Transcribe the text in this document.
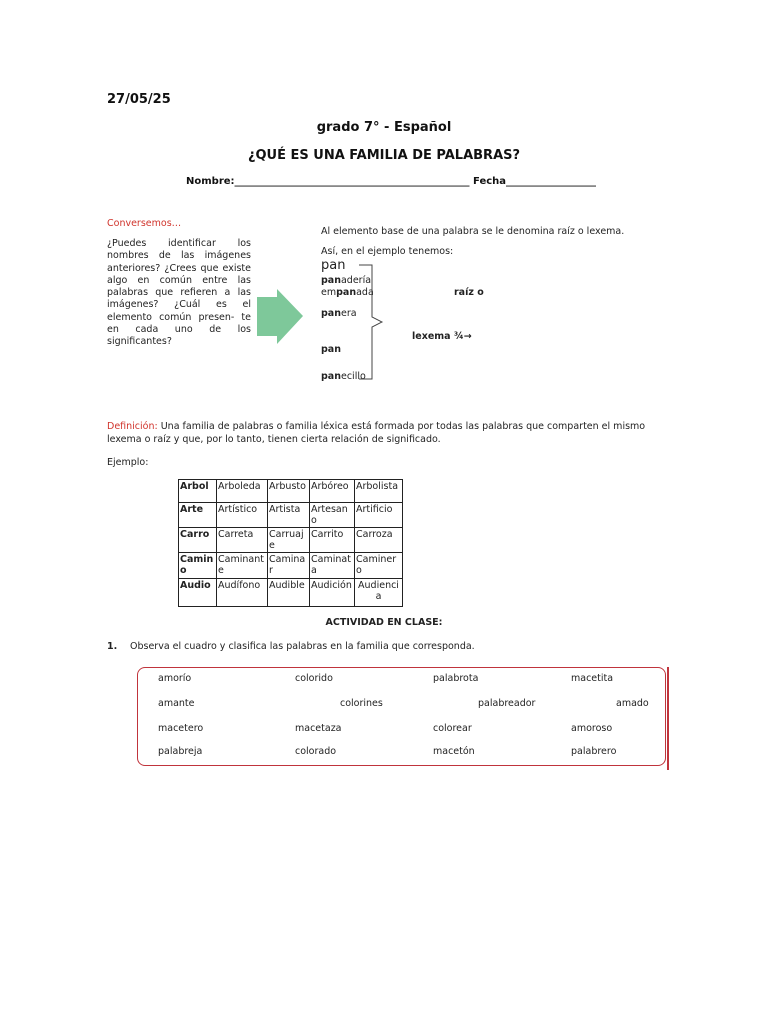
27/05/25
grado 7° - Español
¿QUÉ ES UNA FAMILIA DE PALABRAS?
Nombre:_______________________________________________ Fecha__________________
Conversemos…
¿Puedes identificar los nombres de las imágenes anteriores? ¿Crees que existe algo en común entre las palabras que refieren a las imágenes? ¿Cuál es el elemento común presen- te en cada uno de los significantes?
Al elemento base de una palabra se le denomina raíz o lexema.
Así, en el ejemplo tenemos:
pan
panadería
empanada
panera
pan
panecillo
raíz o
lexema ¾→
Definición: Una familia de palabras o familia léxica está formada por todas las palabras que comparten el mismo lexema o raíz y que, por lo tanto, tienen cierta relación de significado.
Ejemplo:
Arbol	Arboleda	Arbusto	Arbóreo	Arbolista
Arte	Artístico	Artista	Artesano	Artificio
Carro	Carreta	Carruaje	Carrito	Carroza
Camino	Caminante	Caminar	Caminata	Caminero
Audio	Audífono	Audible	Audición	Audiencia
ACTIVIDAD EN CLASE:
1. Observa el cuadro y clasifica las palabras en la familia que corresponda.
amorío	colorido	palabrota	macetita
amante	colorines	palabreador	amado
macetero	macetaza	colorear	amoroso
palabreja	colorado	macetón	palabrero
